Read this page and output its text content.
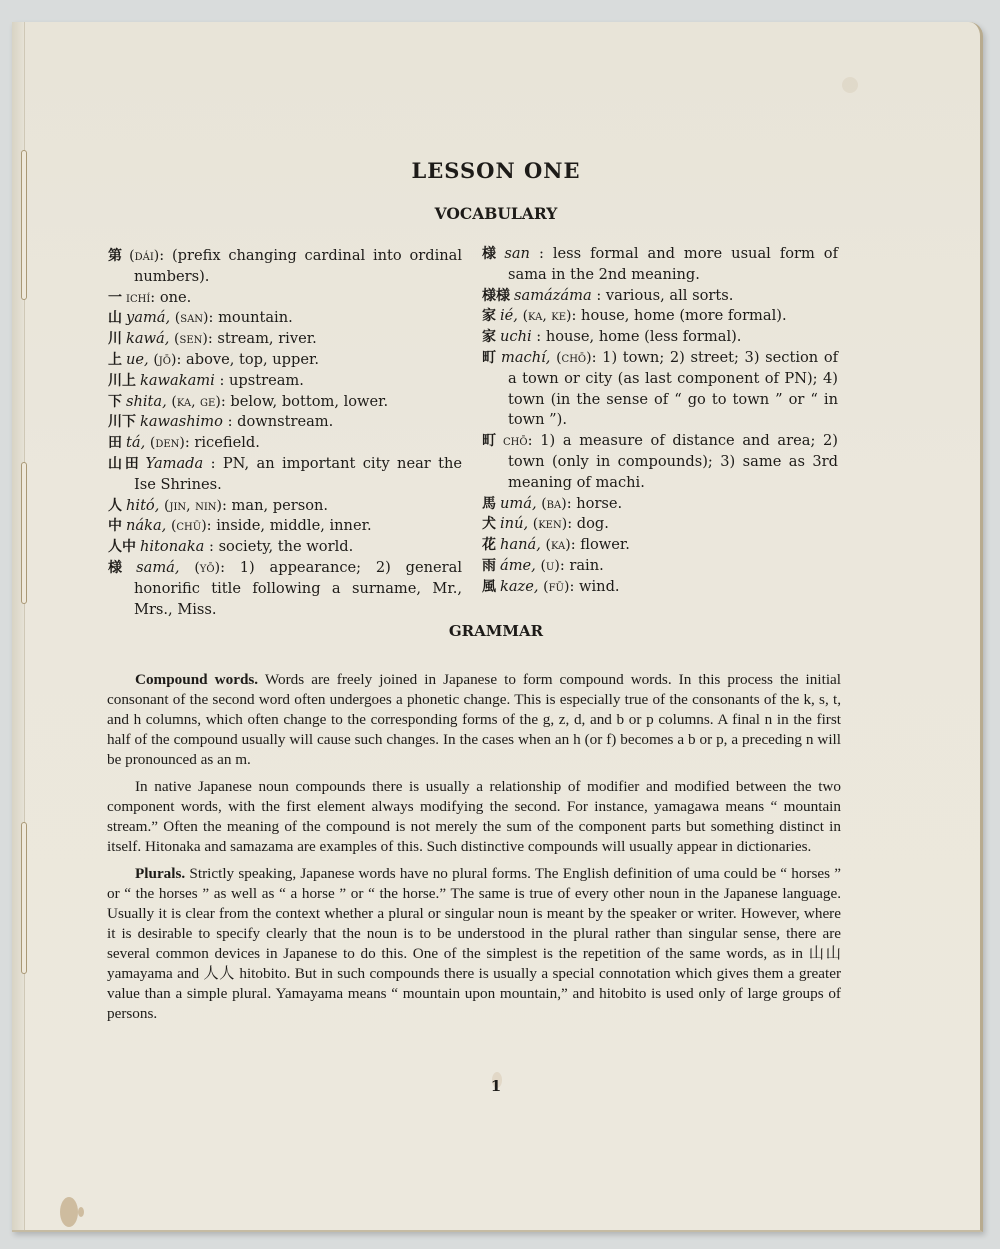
LESSON ONE
VOCABULARY
第 (dái): (prefix changing cardinal into ordinal numbers).
一 ichí: one.
山 yamá, (san): mountain.
川 kawá, (sen): stream, river.
上 ue, (jō): above, top, upper.
川上 kawakami : upstream.
下 shita, (ka, ge): below, bottom, lower.
川下 kawashimo : downstream.
田 tá, (den): ricefield.
山田 Yamada : PN, an important city near the Ise Shrines.
人 hitó, (jin, nin): man, person.
中 náka, (chū): inside, middle, inner.
人中 hitonaka : society, the world.
様 samá, (yō): 1) appearance; 2) general honorific title following a surname, Mr., Mrs., Miss.
様 san : less formal and more usual form of sama in the 2nd meaning.
様様 samázáma : various, all sorts.
家 ié, (ka, ke): house, home (more formal).
家 uchi : house, home (less formal).
町 machí, (chō): 1) town; 2) street; 3) section of a town or city (as last component of PN); 4) town (in the sense of “ go to town ” or “ in town ”).
町 chō: 1) a measure of distance and area; 2) town (only in compounds); 3) same as 3rd meaning of machi.
馬 umá, (ba): horse.
犬 inú, (ken): dog.
花 haná, (ka): flower.
雨 áme, (u): rain.
風 kaze, (fū): wind.
GRAMMAR

Compound words. Words are freely joined in Japanese to form compound words. In this process the initial consonant of the second word often undergoes a phonetic change. This is especially true of the consonants of the k, s, t, and h columns, which often change to the corresponding forms of the g, z, d, and b or p columns. A final n in the first half of the compound usually will cause such changes. In the cases when an h (or f) becomes a b or p, a preceding n will be pronounced as an m.

In native Japanese noun compounds there is usually a relationship of modifier and modified between the two component words, with the first element always modifying the second. For instance, yamagawa means “ mountain stream.” Often the meaning of the compound is not merely the sum of the component parts but something distinct in itself. Hitonaka and samazama are examples of this. Such distinctive compounds will usually appear in dictionaries.

Plurals. Strictly speaking, Japanese words have no plural forms. The English definition of uma could be “ horses ” or “ the horses ” as well as “ a horse ” or “ the horse.” The same is true of every other noun in the Japanese language. Usually it is clear from the context whether a plural or singular noun is meant by the speaker or writer. However, where it is desirable to specify clearly that the noun is to be understood in the plural rather than singular sense, there are several common devices in Japanese to do this. One of the simplest is the repetition of the same words, as in 山山 yamayama and 人人 hitobito. But in such compounds there is usually a special connotation which gives them a greater value than a simple plural. Yamayama means “ mountain upon mountain,” and hitobito is used only of large groups of persons.

1
